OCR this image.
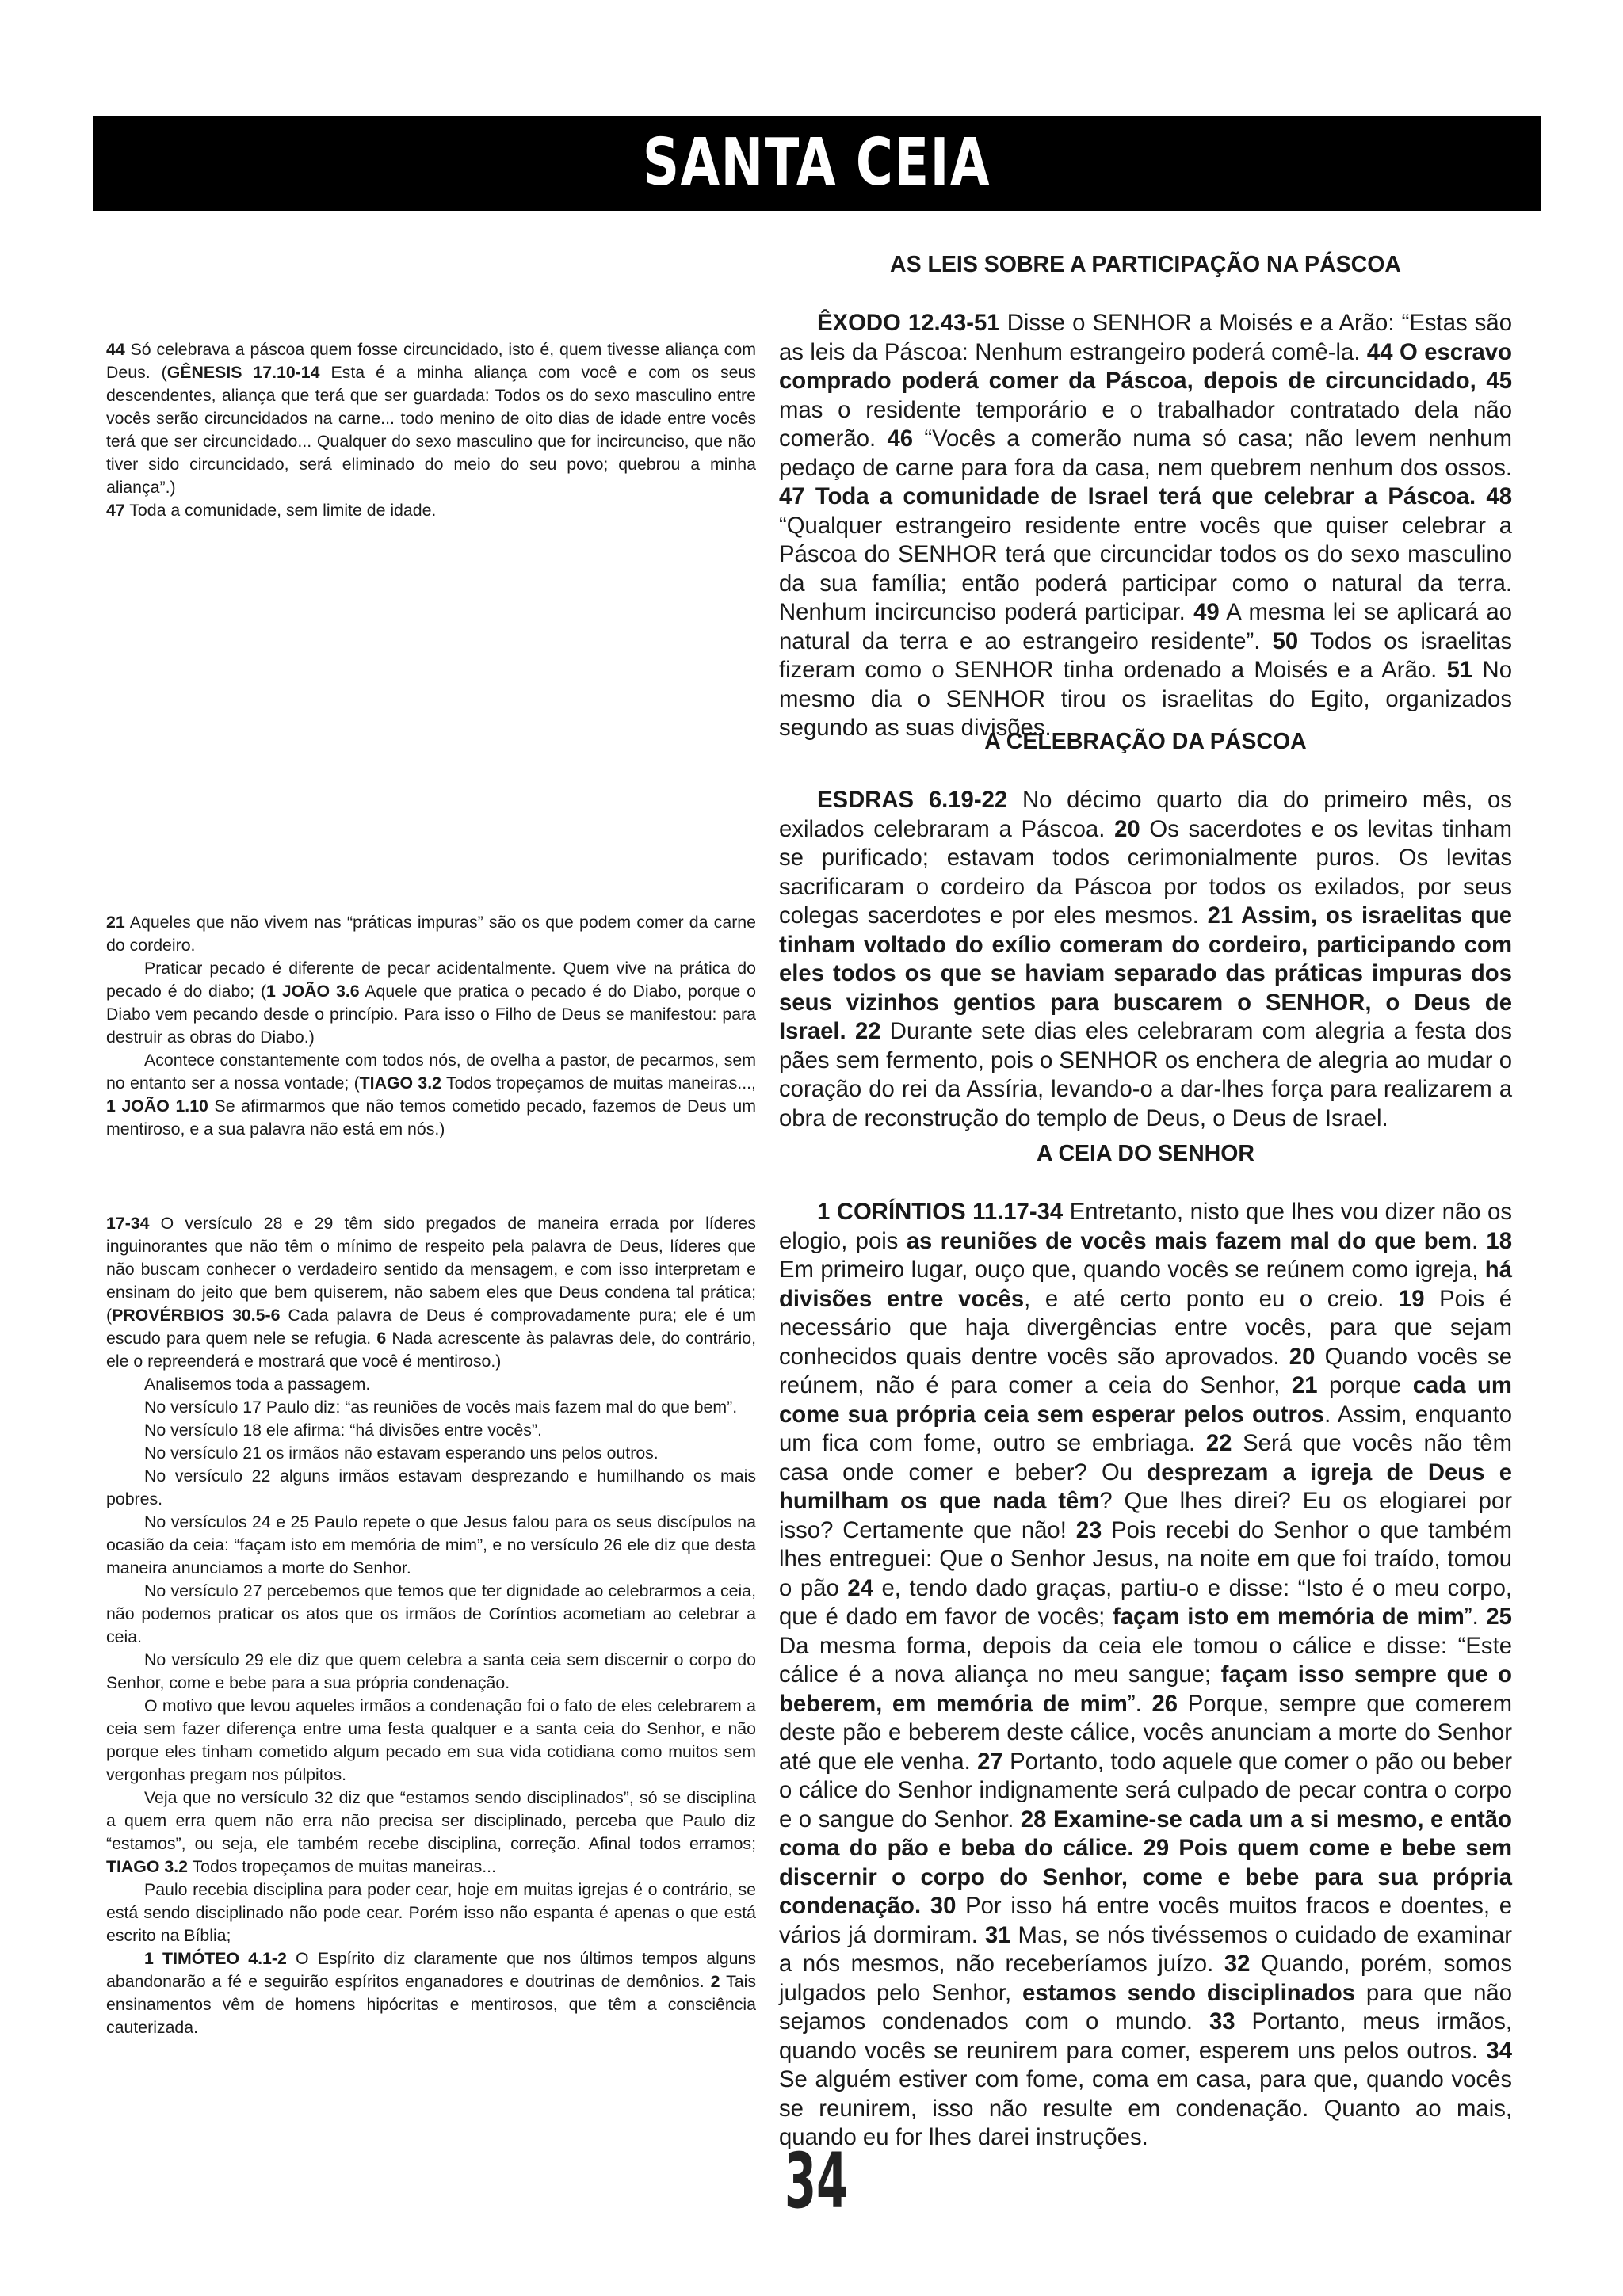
SANTA CEIA

44 Só celebrava a páscoa quem fosse circuncidado, isto é, quem tivesse aliança com Deus. (GÊNESIS 17.10-14 Esta é a minha aliança com você e com os seus descendentes, aliança que terá que ser guardada: Todos os do sexo masculino entre vocês serão circuncidados na carne... todo menino de oito dias de idade entre vocês terá que ser circuncidado... Qualquer do sexo masculino que for incircunciso, que não tiver sido circuncidado, será eliminado do meio do seu povo; quebrou a minha aliança”.)

47 Toda a comunidade, sem limite de idade.

21 Aqueles que não vivem nas “práticas impuras” são os que podem comer da carne do cordeiro.

Praticar pecado é diferente de pecar acidentalmente. Quem vive na prática do pecado é do diabo; (1 JOÃO 3.6 Aquele que pratica o pecado é do Diabo, porque o Diabo vem pecando desde o princípio. Para isso o Filho de Deus se manifestou: para destruir as obras do Diabo.)

Acontece constantemente com todos nós, de ovelha a pastor, de pecarmos, sem no entanto ser a nossa vontade; (TIAGO 3.2 Todos tropeçamos de muitas maneiras..., 1 JOÃO 1.10 Se afirmarmos que não temos cometido pecado, fazemos de Deus um mentiroso, e a sua palavra não está em nós.)

17-34 O versículo 28 e 29 têm sido pregados de maneira errada por líderes inguinorantes que não têm o mínimo de respeito pela palavra de Deus, líderes que não buscam conhecer o verdadeiro sentido da mensagem, e com isso interpretam e ensinam do jeito que bem quiserem, não sabem eles que Deus condena tal prática; (PROVÉRBIOS 30.5-6 Cada palavra de Deus é comprovadamente pura; ele é um escudo para quem nele se refugia. 6 Nada acrescente às palavras dele, do contrário, ele o repreenderá e mostrará que você é mentiroso.)

Analisemos toda a passagem.

No versículo 17 Paulo diz: “as reuniões de vocês mais fazem mal do que bem”.

No versículo 18 ele afirma: “há divisões entre vocês”.

No versículo 21 os irmãos não estavam esperando uns pelos outros.

No versículo 22 alguns irmãos estavam desprezando e humilhando os mais pobres.

No versículos 24 e 25 Paulo repete o que Jesus falou para os seus discípulos na ocasião da ceia: “façam isto em memória de mim”, e no versículo 26 ele diz que desta maneira anunciamos a morte do Senhor.

No versículo 27 percebemos que temos que ter dignidade ao celebrarmos a ceia, não podemos praticar os atos que os irmãos de Coríntios acometiam ao celebrar a ceia.

No versículo 29 ele diz que quem celebra a santa ceia sem discernir o corpo do Senhor, come e bebe para a sua própria condenação.

O motivo que levou aqueles irmãos a condenação foi o fato de eles celebrarem a ceia sem fazer diferença entre uma festa qualquer e a santa ceia do Senhor, e não porque eles tinham cometido algum pecado em sua vida cotidiana como muitos sem vergonhas pregam nos púlpitos.

Veja que no versículo 32 diz que “estamos sendo disciplinados”, só se disciplina a quem erra quem não erra não precisa ser disciplinado, perceba que Paulo diz “estamos”, ou seja, ele também recebe disciplina, correção. Afinal todos erramos; TIAGO 3.2 Todos tropeçamos de muitas maneiras...

Paulo recebia disciplina para poder cear, hoje em muitas igrejas é o contrário, se está sendo disciplinado não pode cear. Porém isso não espanta é apenas o que está escrito na Bíblia;

1 TIMÓTEO 4.1-2 O Espírito diz claramente que nos últimos tempos alguns abandonarão a fé e seguirão espíritos enganadores e doutrinas de demônios. 2 Tais ensinamentos vêm de homens hipócritas e mentirosos, que têm a consciência cauterizada.

AS LEIS SOBRE A PARTICIPAÇÃO NA PÁSCOA

ÊXODO 12.43-51 Disse o SENHOR a Moisés e a Arão: “Estas são as leis da Páscoa: Nenhum estrangeiro poderá comê-la. 44 O escravo comprado poderá comer da Páscoa, depois de circuncidado, 45 mas o residente temporário e o trabalhador contratado dela não comerão. 46 “Vocês a comerão numa só casa; não levem nenhum pedaço de carne para fora da casa, nem quebrem nenhum dos ossos. 47 Toda a comunidade de Israel terá que celebrar a Páscoa. 48 “Qualquer estrangeiro residente entre vocês que quiser celebrar a Páscoa do SENHOR terá que circuncidar todos os do sexo masculino da sua família; então poderá participar como o natural da terra. Nenhum incircunciso poderá participar. 49 A mesma lei se aplicará ao natural da terra e ao estrangeiro residente”. 50 Todos os israelitas fizeram como o SENHOR tinha ordenado a Moisés e a Arão. 51 No mesmo dia o SENHOR tirou os israelitas do Egito, organizados segundo as suas divisões.

A CELEBRAÇÃO DA PÁSCOA

ESDRAS 6.19-22 No décimo quarto dia do primeiro mês, os exilados celebraram a Páscoa. 20 Os sacerdotes e os levitas tinham se purificado; estavam todos cerimonialmente puros. Os levitas sacrificaram o cordeiro da Páscoa por todos os exilados, por seus colegas sacerdotes e por eles mesmos. 21 Assim, os israelitas que tinham voltado do exílio comeram do cordeiro, participando com eles todos os que se haviam separado das práticas impuras dos seus vizinhos gentios para buscarem o SENHOR, o Deus de Israel. 22 Durante sete dias eles celebraram com alegria a festa dos pães sem fermento, pois o SENHOR os enchera de alegria ao mudar o coração do rei da Assíria, levando-o a dar-lhes força para realizarem a obra de reconstrução do templo de Deus, o Deus de Israel.

A CEIA DO SENHOR

1 CORÍNTIOS 11.17-34 Entretanto, nisto que lhes vou dizer não os elogio, pois as reuniões de vocês mais fazem mal do que bem. 18 Em primeiro lugar, ouço que, quando vocês se reúnem como igreja, há divisões entre vocês, e até certo ponto eu o creio. 19 Pois é necessário que haja divergências entre vocês, para que sejam conhecidos quais dentre vocês são aprovados. 20 Quando vocês se reúnem, não é para comer a ceia do Senhor, 21 porque cada um come sua própria ceia sem esperar pelos outros. Assim, enquanto um fica com fome, outro se embriaga. 22 Será que vocês não têm casa onde comer e beber? Ou desprezam a igreja de Deus e humilham os que nada têm? Que lhes direi? Eu os elogiarei por isso? Certamente que não! 23 Pois recebi do Senhor o que também lhes entreguei: Que o Senhor Jesus, na noite em que foi traído, tomou o pão 24 e, tendo dado graças, partiu-o e disse: “Isto é o meu corpo, que é dado em favor de vocês; façam isto em memória de mim”. 25 Da mesma forma, depois da ceia ele tomou o cálice e disse: “Este cálice é a nova aliança no meu sangue; façam isso sempre que o beberem, em memória de mim”. 26 Porque, sempre que comerem deste pão e beberem deste cálice, vocês anunciam a morte do Senhor até que ele venha. 27 Portanto, todo aquele que comer o pão ou beber o cálice do Senhor indignamente será culpado de pecar contra o corpo e o sangue do Senhor. 28 Examine-se cada um a si mesmo, e então coma do pão e beba do cálice. 29 Pois quem come e bebe sem discernir o corpo do Senhor, come e bebe para sua própria condenação. 30 Por isso há entre vocês muitos fracos e doentes, e vários já dormiram. 31 Mas, se nós tivéssemos o cuidado de examinar a nós mesmos, não receberíamos juízo. 32 Quando, porém, somos julgados pelo Senhor, estamos sendo disciplinados para que não sejamos condenados com o mundo. 33 Portanto, meus irmãos, quando vocês se reunirem para comer, esperem uns pelos outros. 34 Se alguém estiver com fome, coma em casa, para que, quando vocês se reunirem, isso não resulte em condenação. Quanto ao mais, quando eu for lhes darei instruções.

34
